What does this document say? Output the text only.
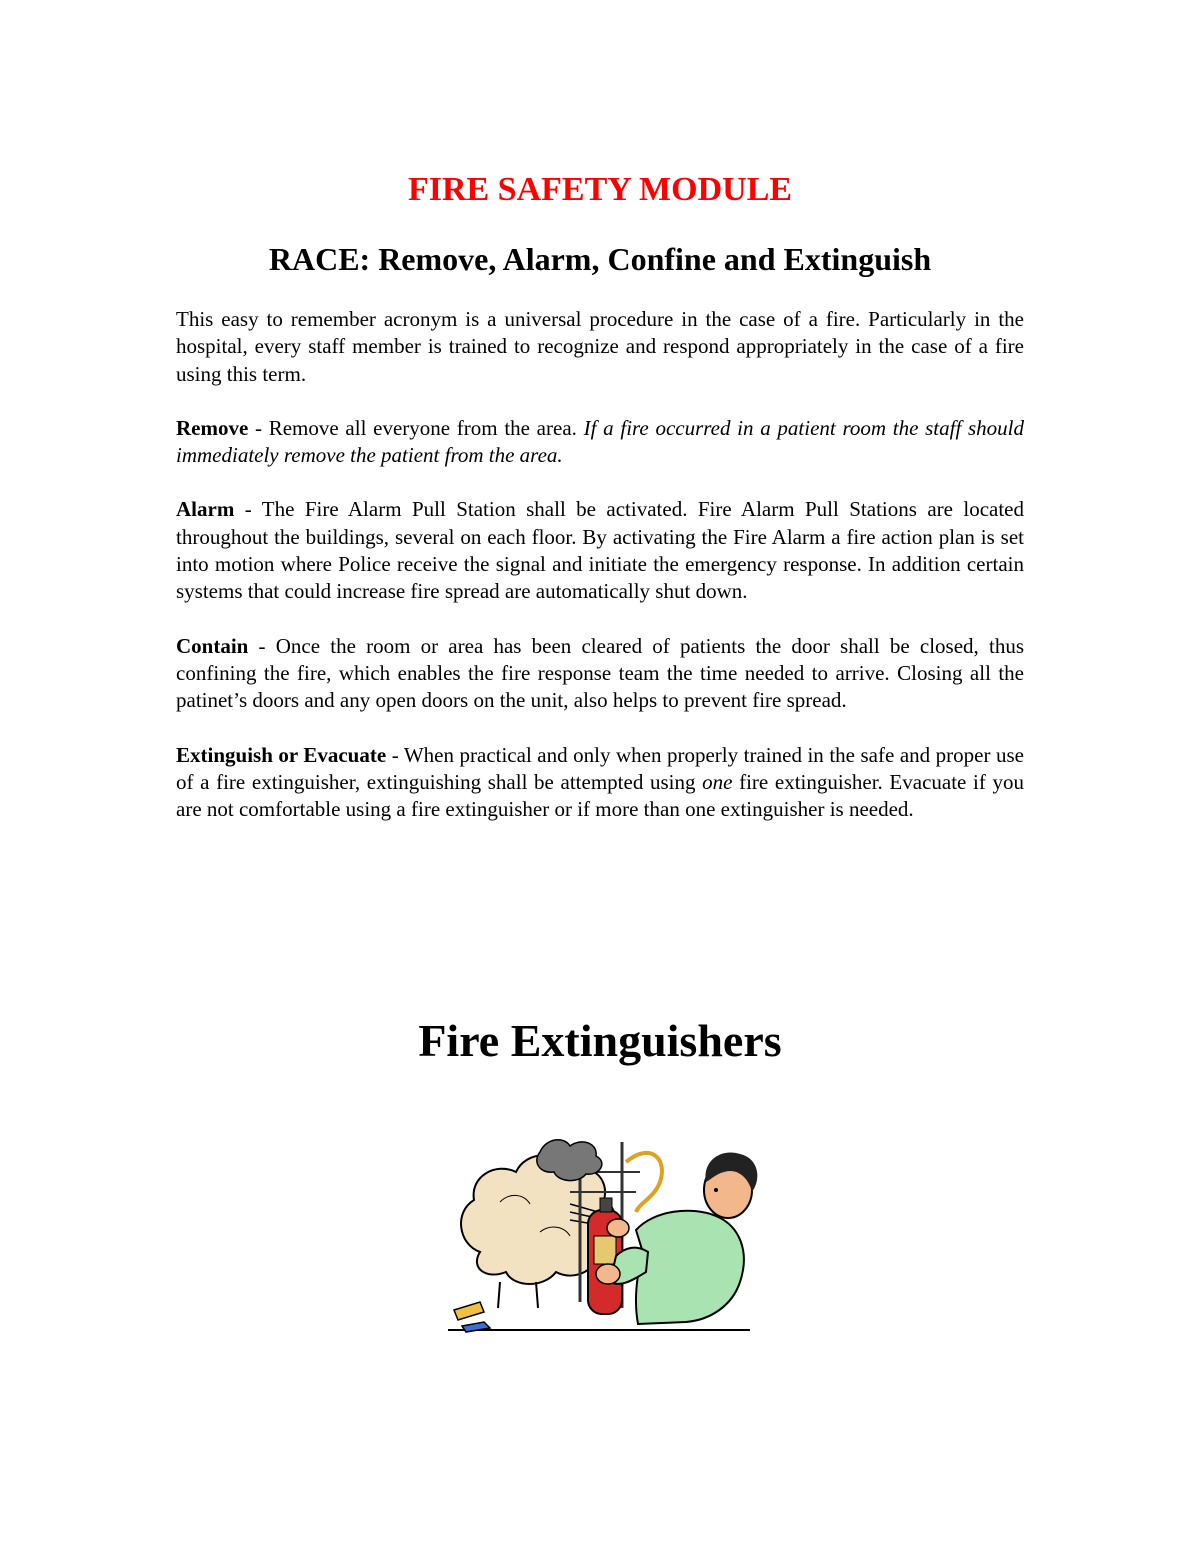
FIRE SAFETY MODULE
RACE: Remove, Alarm, Confine and Extinguish

This easy to remember acronym is a universal procedure in the case of a fire. Particularly in the hospital, every staff member is trained to recognize and respond appropriately in the case of a fire using this term.

Remove - Remove all everyone from the area. If a fire occurred in a patient room the staff should immediately remove the patient from the area.

Alarm - The Fire Alarm Pull Station shall be activated. Fire Alarm Pull Stations are located throughout the buildings, several on each floor. By activating the Fire Alarm a fire action plan is set into motion where Police receive the signal and initiate the emergency response. In addition certain systems that could increase fire spread are automatically shut down.

Contain - Once the room or area has been cleared of patients the door shall be closed, thus confining the fire, which enables the fire response team the time needed to arrive. Closing all the patinet’s doors and any open doors on the unit, also helps to prevent fire spread.

Extinguish or Evacuate - When practical and only when properly trained in the safe and proper use of a fire extinguisher, extinguishing shall be attempted using one fire extinguisher. Evacuate if you are not comfortable using a fire extinguisher or if more than one extinguisher is needed.

Fire Extinguishers
